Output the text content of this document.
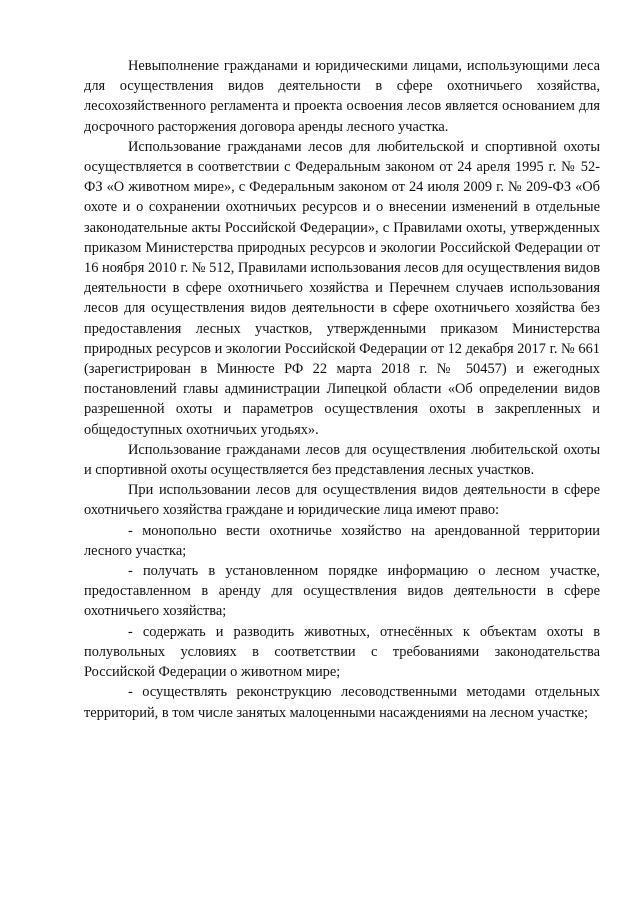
Невыполнение гражданами и юридическими лицами, использующими леса для осуществления видов деятельности в сфере охотничьего хозяйства, лесохозяйственного регламента и проекта освоения лесов является основанием для досрочного расторжения договора аренды лесного участка.

Использование гражданами лесов для любительской и спортивной охоты осуществляется в соответствии с Федеральным законом от 24 ареля 1995 г. № 52-ФЗ «О животном мире», с Федеральным законом от 24 июля 2009 г. № 209-ФЗ «Об охоте и о сохранении охотничьих ресурсов и о внесении изменений в отдельные законодательные акты Российской Федерации», с Правилами охоты, утвержденных приказом Министерства природных ресурсов и экологии Российской Федерации от 16 ноября 2010 г. № 512, Правилами использования лесов для осуществления видов деятельности в сфере охотничьего хозяйства и Перечнем случаев использования лесов для осуществления видов деятельности в сфере охотничьего хозяйства без предоставления лесных участков, утвержденными приказом Министерства природных ресурсов и экологии Российской Федерации от 12 декабря 2017 г. № 661 (зарегистрирован в Минюсте РФ 22 марта 2018 г. № 50457) и ежегодных постановлений главы администрации Липецкой области «Об определении видов разрешенной охоты и параметров осуществления охоты в закрепленных и общедоступных охотничьих угодьях».

Использование гражданами лесов для осуществления любительской охоты и спортивной охоты осуществляется без представления лесных участков.

При использовании лесов для осуществления видов деятельности в сфере охотничьего хозяйства граждане и юридические лица имеют право:

- монопольно вести охотничье хозяйство на арендованной территории лесного участка;

- получать в установленном порядке информацию о лесном участке, предоставленном в аренду для осуществления видов деятельности в сфере охотничьего хозяйства;

- содержать и разводить животных, отнесённых к объектам охоты в полувольных условиях в соответствии с требованиями законодательства Российской Федерации о животном мире;

- осуществлять реконструкцию лесоводственными методами отдельных территорий, в том числе занятых малоценными насаждениями на лесном участке;
